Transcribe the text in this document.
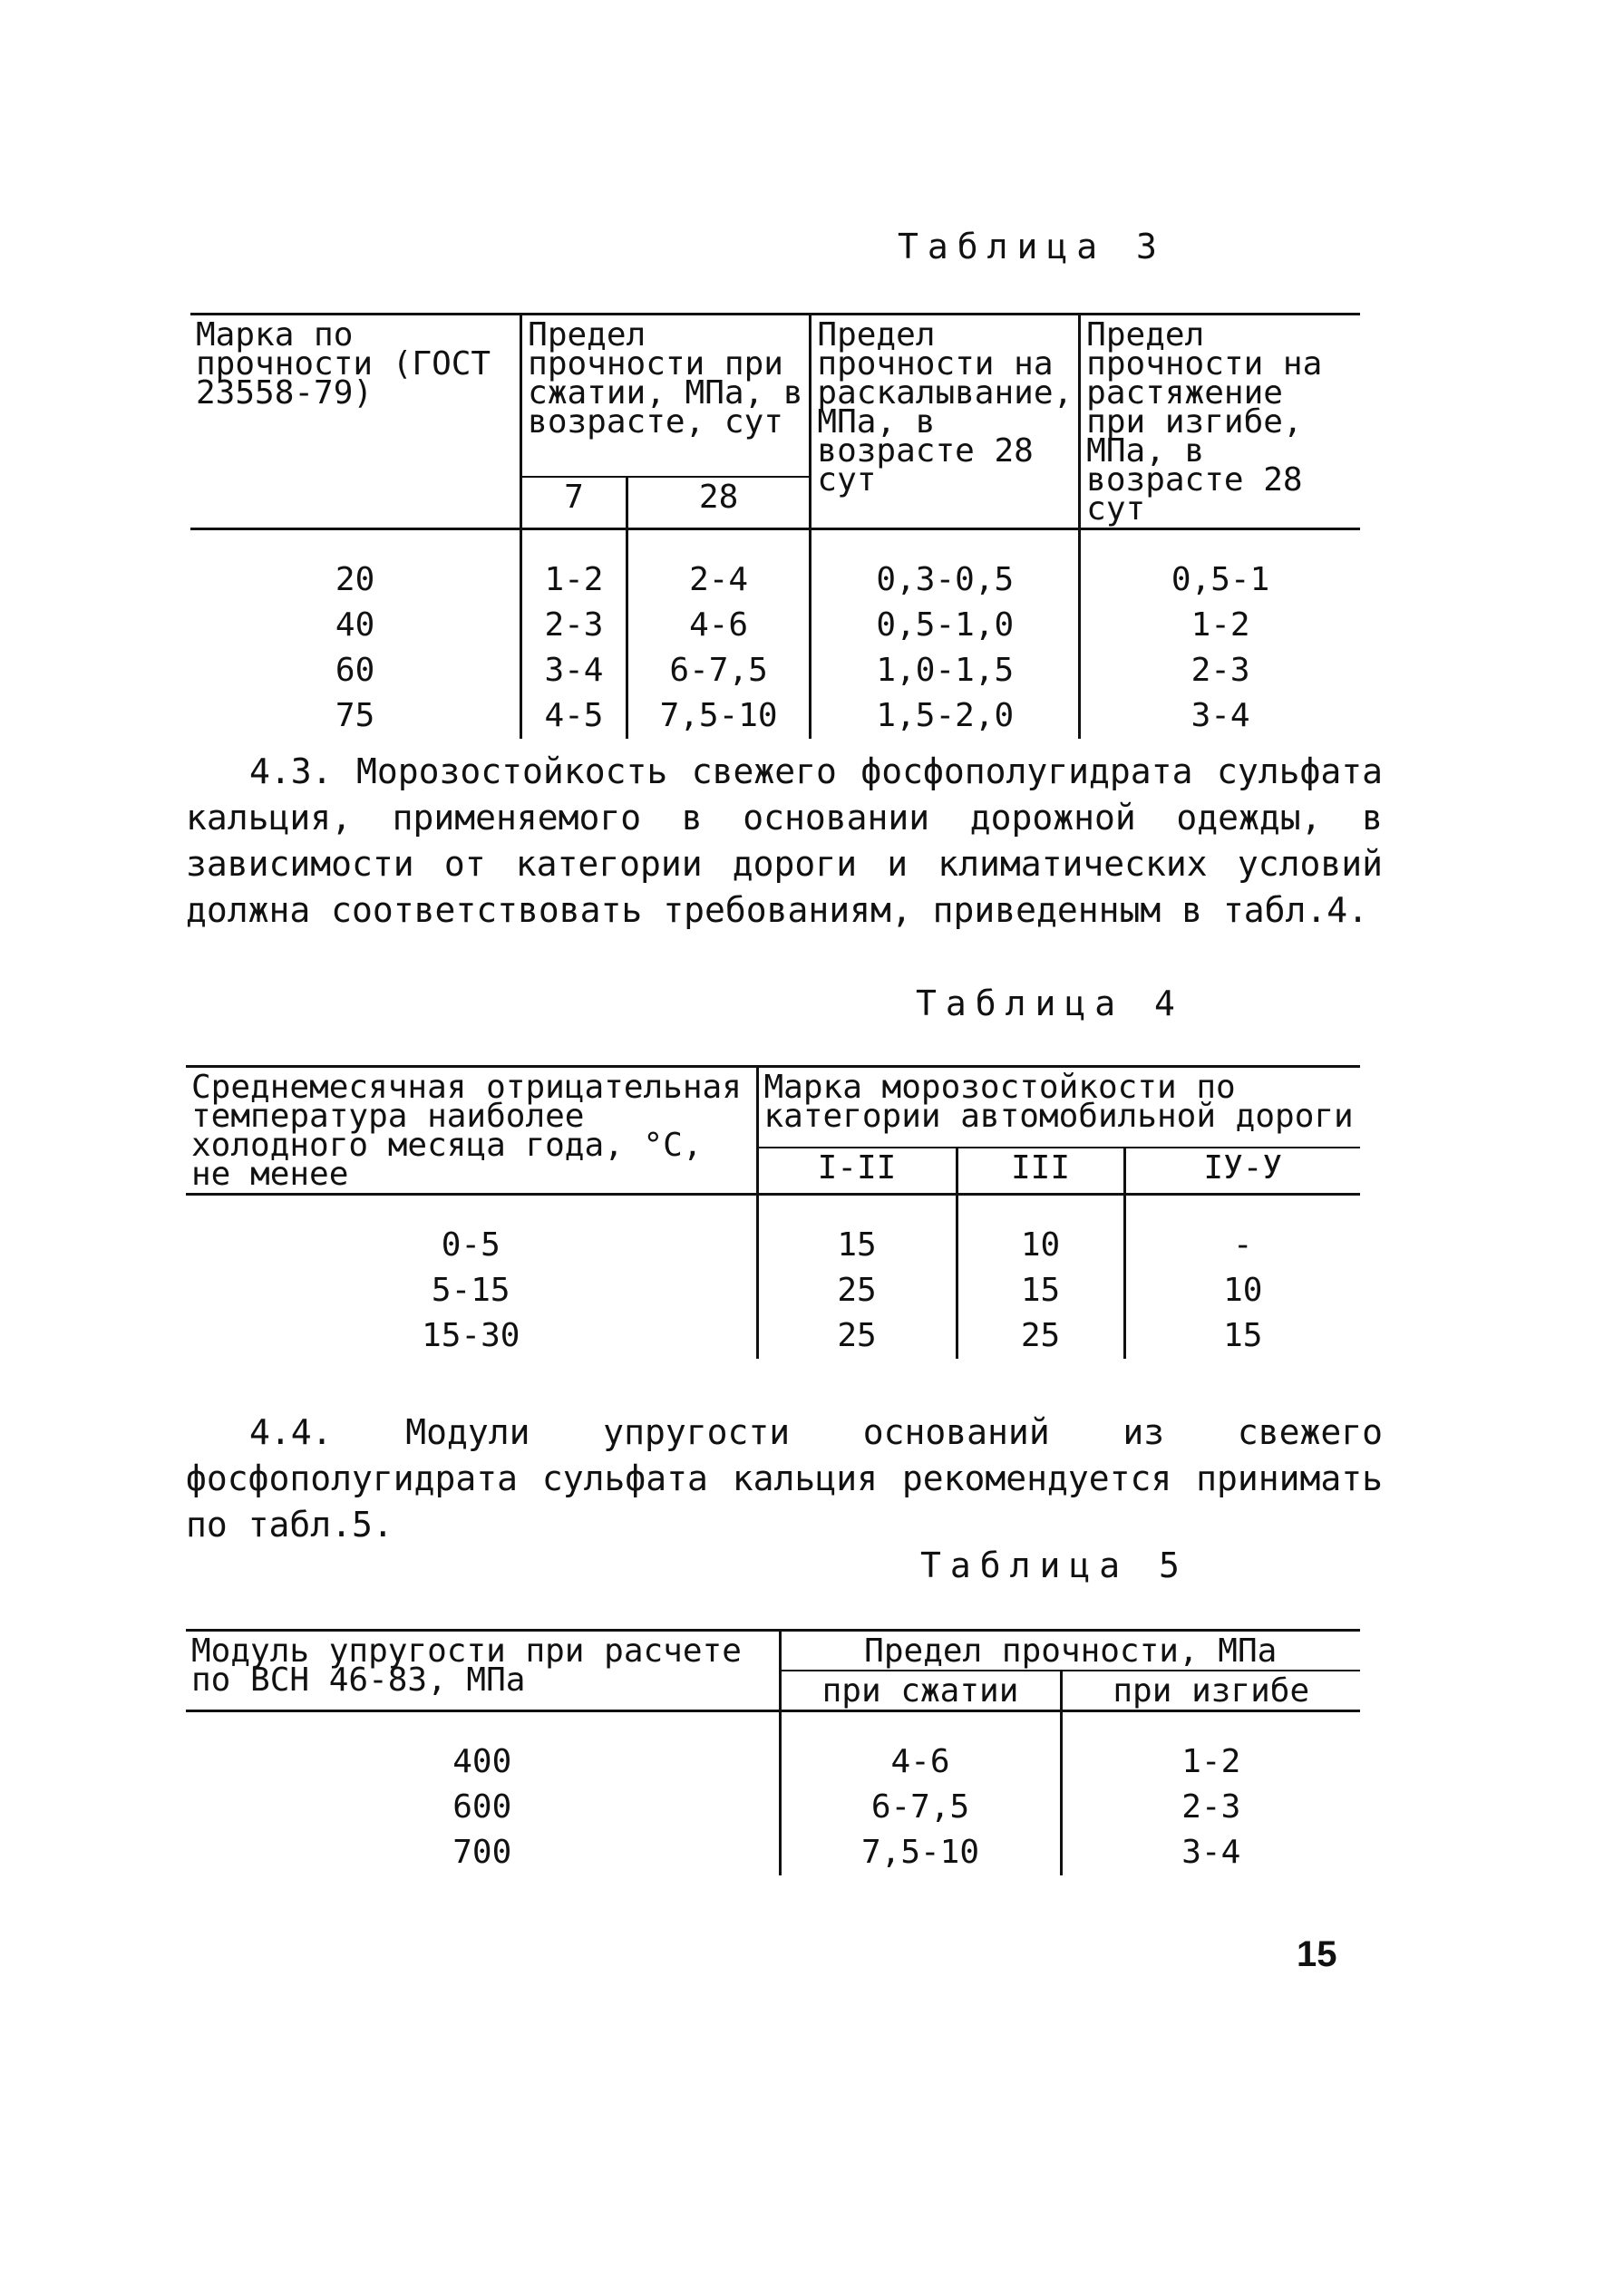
Таблица 3
Марка по прочности (ГОСТ 23558-79)	Предел прочности при сжатии, МПа, в возрасте, сут		Предел прочности на раскалывание, МПа, в возрасте 28 сут	Предел прочности на растяжение при изгибе, МПа, в возрасте 28 сут
	7	28		
20	1-2	2-4	0,3-0,5	0,5-1
40	2-3	4-6	0,5-1,0	1-2
60	3-4	6-7,5	1,0-1,5	2-3
75	4-5	7,5-10	1,5-2,0	3-4
4.3. Морозостойкость свежего фосфополугидрата сульфата кальция, применяемого в основании дорожной одежды, в зависимости от категории дороги и климатических условий должна соответствовать требованиям, приведенным в табл.4.
Таблица 4
Среднемесячная отрицательная температура наиболее холодного месяца года, °С, не менее	Марка морозостойкости по категории автомобильной дороги		
	I-II	III	IУ-У
0-5	15	10	-
5-15	25	15	10
15-30	25	25	15
4.4. Модули упругости оснований из свежего фосфополугидрата сульфата кальция рекомендуется принимать по табл.5.
Таблица 5
Модуль упругости при расчете по ВСН 46-83, МПа	Предел прочности, МПа	
	при сжатии	при изгибе
400	4-6	1-2
600	6-7,5	2-3
700	7,5-10	3-4
15
